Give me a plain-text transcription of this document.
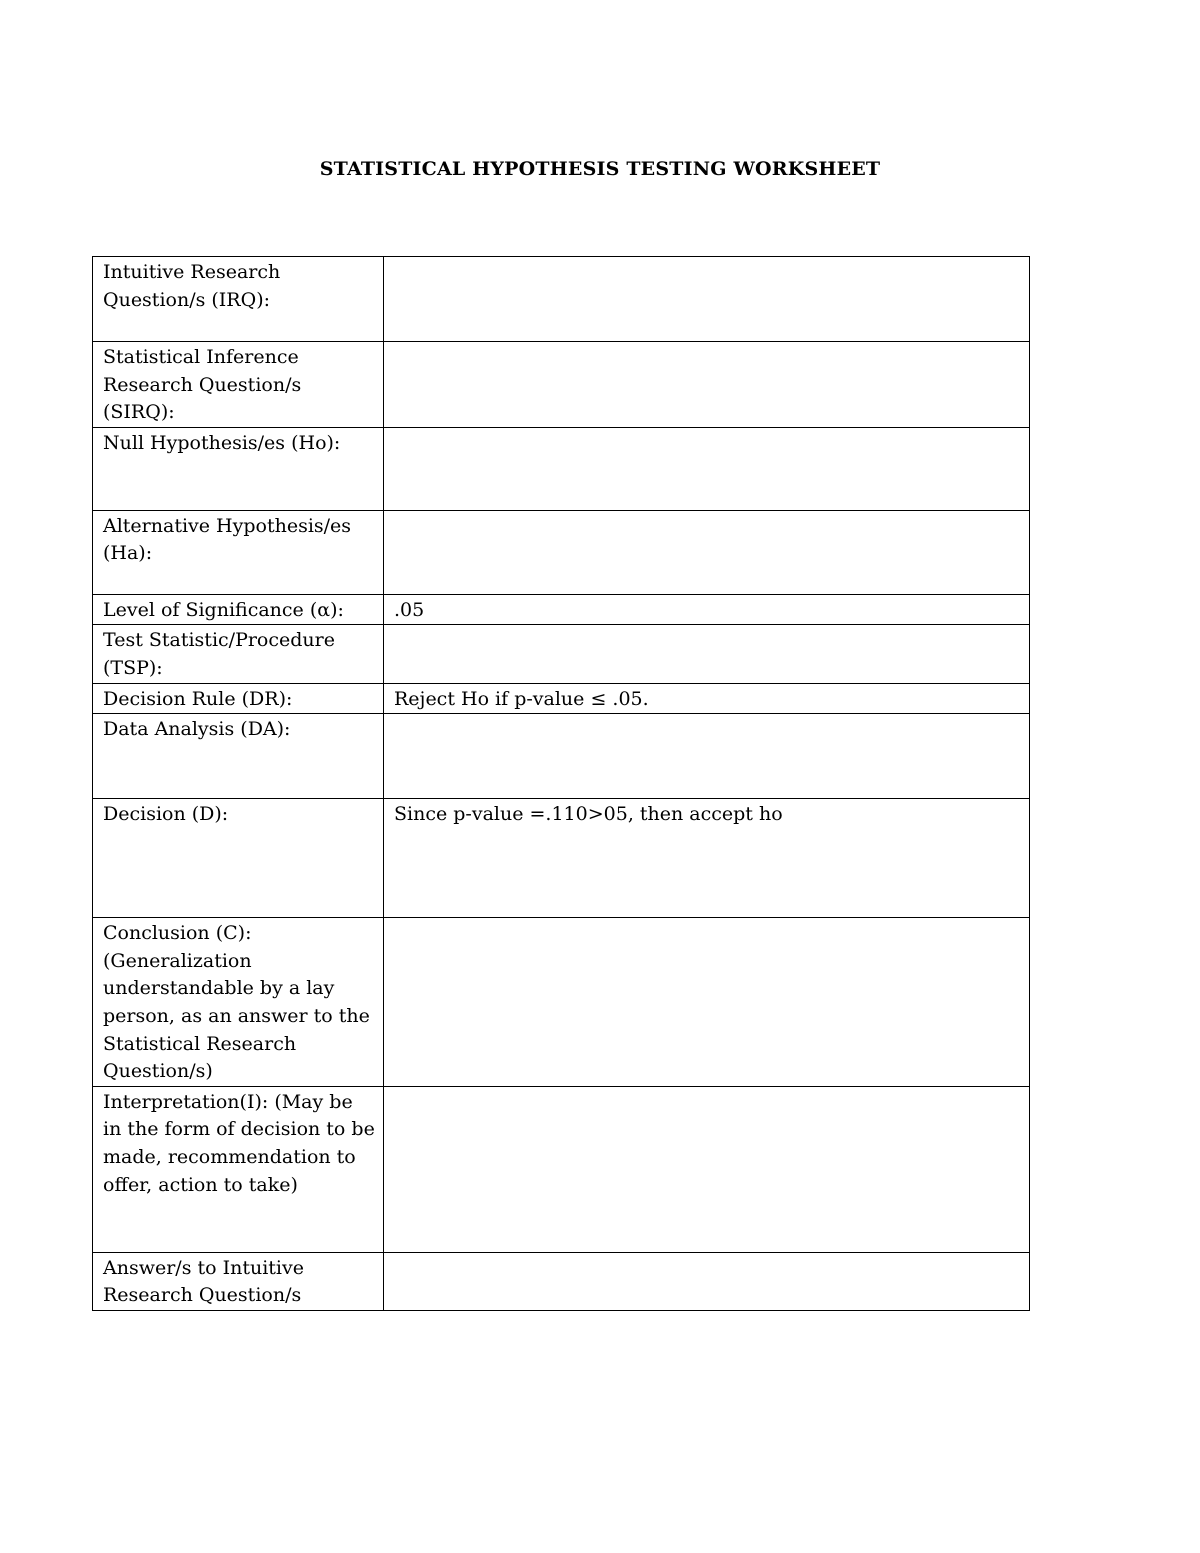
STATISTICAL HYPOTHESIS TESTING WORKSHEET
Intuitive Research Question/s (IRQ):	
Statistical Inference Research Question/s (SIRQ):	
Null Hypothesis/es (Ho):	
Alternative Hypothesis/es (Ha):	
Level of Significance (α):	.05
Test Statistic/Procedure (TSP):	
Decision Rule (DR):	Reject Ho if p-value ≤ .05.
Data Analysis (DA):	
Decision (D):	Since p-value =.110>05, then accept ho
Conclusion (C): (Generalization understandable by a lay person, as an answer to the Statistical Research Question/s)	
Interpretation(I): (May be in the form of decision to be made, recommendation to offer, action to take)	
Answer/s to Intuitive Research Question/s	
